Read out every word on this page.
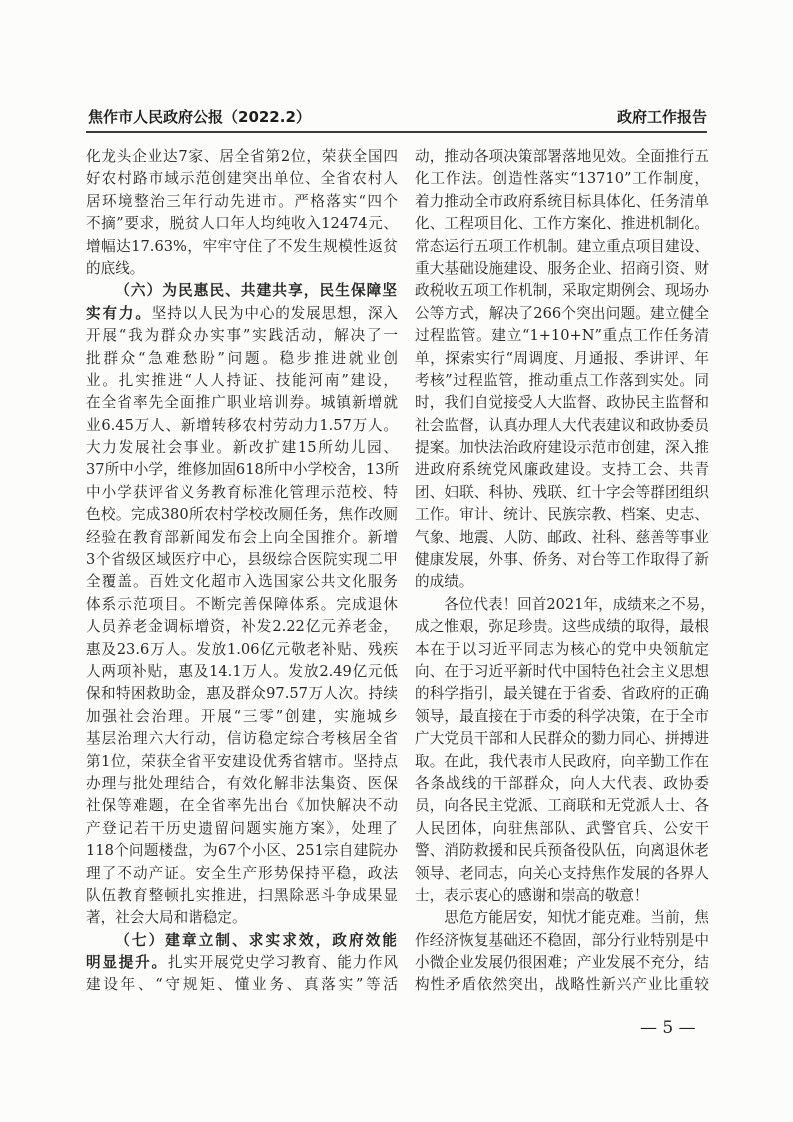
焦作市人民政府公报（2022.2）	政府工作报告
化龙头企业达7家、居全省第2位，荣获全国四
好农村路市域示范创建突出单位、全省农村人
居环境整治三年行动先进市。严格落实“四个
不摘”要求，脱贫人口年人均纯收入12474元、
增幅达17.63%，牢牢守住了不发生规模性返贫
的底线。
（六）为民惠民、共建共享，民生保障坚
实有力。坚持以人民为中心的发展思想，深入
开展“我为群众办实事”实践活动，解决了一
批群众“急难愁盼”问题。稳步推进就业创
业。扎实推进“人人持证、技能河南”建设，
在全省率先全面推广职业培训券。城镇新增就
业6.45万人、新增转移农村劳动力1.57万人。
大力发展社会事业。新改扩建15所幼儿园、
37所中小学，维修加固618所中小学校舍，13所
中小学获评省义务教育标准化管理示范校、特
色校。完成380所农村学校改厕任务，焦作改厕
经验在教育部新闻发布会上向全国推介。新增
3个省级区域医疗中心，县级综合医院实现二甲
全覆盖。百姓文化超市入选国家公共文化服务
体系示范项目。不断完善保障体系。完成退休
人员养老金调标增资，补发2.22亿元养老金，
惠及23.6万人。发放1.06亿元敬老补贴、残疾
人两项补贴，惠及14.1万人。发放2.49亿元低
保和特困救助金，惠及群众97.57万人次。持续
加强社会治理。开展“三零”创建，实施城乡
基层治理六大行动，信访稳定综合考核居全省
第1位，荣获全省平安建设优秀省辖市。坚持点
办理与批处理结合，有效化解非法集资、医保
社保等难题，在全省率先出台《加快解决不动
产登记若干历史遗留问题实施方案》，处理了
118个问题楼盘，为67个小区、251宗自建院办
理了不动产证。安全生产形势保持平稳，政法
队伍教育整顿扎实推进，扫黑除恶斗争成果显
著，社会大局和谐稳定。
（七）建章立制、求实求效，政府效能
明显提升。扎实开展党史学习教育、能力作风
建设年、“守规矩、懂业务、真落实”等活
动，推动各项决策部署落地见效。全面推行五
化工作法。创造性落实“13710”工作制度，
着力推动全市政府系统目标具体化、任务清单
化、工程项目化、工作方案化、推进机制化。
常态运行五项工作机制。建立重点项目建设、
重大基础设施建设、服务企业、招商引资、财
政税收五项工作机制，采取定期例会、现场办
公等方式，解决了266个突出问题。建立健全
过程监管。建立“1+10+N”重点工作任务清
单，探索实行“周调度、月通报、季讲评、年
考核”过程监管，推动重点工作落到实处。同
时，我们自觉接受人大监督、政协民主监督和
社会监督，认真办理人大代表建议和政协委员
提案。加快法治政府建设示范市创建，深入推
进政府系统党风廉政建设。支持工会、共青
团、妇联、科协、残联、红十字会等群团组织
工作。审计、统计、民族宗教、档案、史志、
气象、地震、人防、邮政、社科、慈善等事业
健康发展，外事、侨务、对台等工作取得了新
的成绩。
各位代表！回首2021年，成绩来之不易，
成之惟艰，弥足珍贵。这些成绩的取得，最根
本在于以习近平同志为核心的党中央领航定
向、在于习近平新时代中国特色社会主义思想
的科学指引，最关键在于省委、省政府的正确
领导，最直接在于市委的科学决策，在于全市
广大党员干部和人民群众的勠力同心、拼搏进
取。在此，我代表市人民政府，向辛勤工作在
各条战线的干部群众，向人大代表、政协委
员，向各民主党派、工商联和无党派人士、各
人民团体，向驻焦部队、武警官兵、公安干
警、消防救援和民兵预备役队伍，向离退休老
领导、老同志，向关心支持焦作发展的各界人
士，表示衷心的感谢和崇高的敬意！
思危方能居安，知忧才能克难。当前，焦
作经济恢复基础还不稳固，部分行业特别是中
小微企业发展仍很困难；产业发展不充分，结
构性矛盾依然突出，战略性新兴产业比重较
— 5 —
